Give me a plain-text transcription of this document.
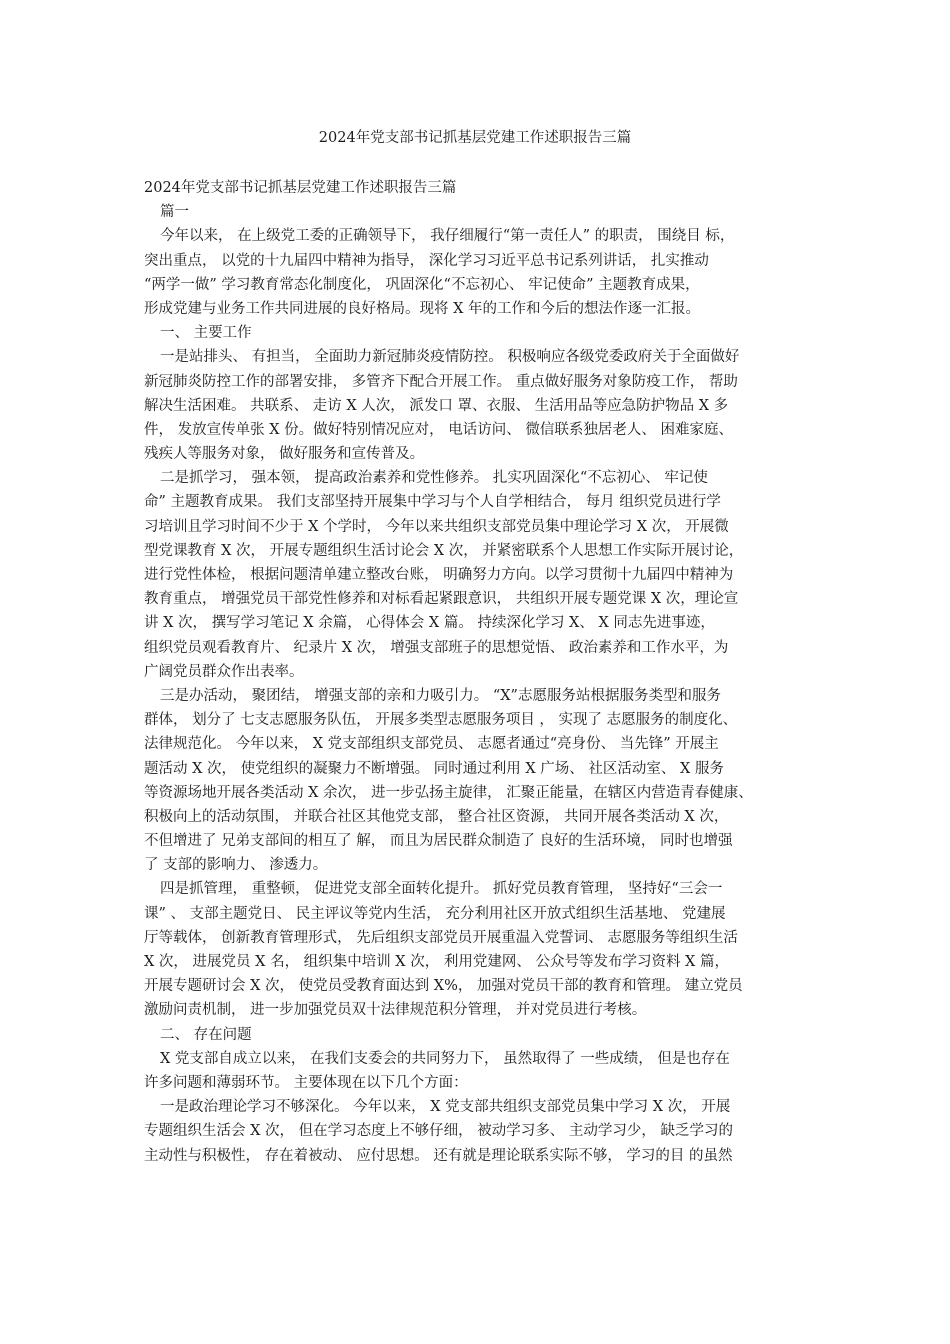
2024年党支部书记抓基层党建工作述职报告三篇
2024年党支部书记抓基层党建工作述职报告三篇
篇一
今年以来， 在上级党工委的正确领导下， 我仔细履行“第一责任人” 的职责， 围绕目 标，
突出重点， 以党的十九届四中精神为指导， 深化学习习近平总书记系列讲话， 扎实推动
“两学一做” 学习教育常态化制度化， 巩固深化“不忘初心、 牢记使命” 主题教育成果，
形成党建与业务工作共同进展的良好格局。现将 X 年的工作和今后的想法作逐一汇报。
一、 主要工作
一是站排头、 有担当， 全面助力新冠肺炎疫情防控。 积极响应各级党委政府关于全面做好
新冠肺炎防控工作的部署安排， 多管齐下配合开展工作。 重点做好服务对象防疫工作， 帮助
解决生活困难。 共联系、 走访 X 人次， 派发口 罩、衣服、 生活用品等应急防护物品 X 多
件， 发放宣传单张 X 份。做好特别情况应对， 电话访问、 微信联系独居老人、 困难家庭、
残疾人等服务对象， 做好服务和宣传普及。
二是抓学习， 强本领， 提高政治素养和党性修养。 扎实巩固深化“不忘初心、 牢记使
命” 主题教育成果。 我们支部坚持开展集中学习与个人自学相结合， 每月 组织党员进行学
习培训且学习时间不少于 X 个学时， 今年以来共组织支部党员集中理论学习 X 次， 开展微
型党课教育 X 次， 开展专题组织生活讨论会 X 次， 并紧密联系个人思想工作实际开展讨论，
进行党性体检， 根据问题清单建立整改台账， 明确努力方向。以学习贯彻十九届四中精神为
教育重点， 增强党员干部党性修养和对标看起紧跟意识， 共组织开展专题党课 X 次，理论宣
讲 X 次， 撰写学习笔记 X 余篇， 心得体会 X 篇。 持续深化学习 X、 X 同志先进事迹，
组织党员观看教育片、 纪录片 X 次， 增强支部班子的思想觉悟、 政治素养和工作水平，为
广阔党员群众作出表率。
三是办活动， 聚团结， 增强支部的亲和力吸引力。 “X”志愿服务站根据服务类型和服务
群体， 划分了 七支志愿服务队伍， 开展多类型志愿服务项目 ， 实现了 志愿服务的制度化、
法律规范化。 今年以来， X 党支部组织支部党员、 志愿者通过“亮身份、 当先锋” 开展主
题活动 X 次， 使党组织的凝聚力不断增强。 同时通过利用 X 广场、 社区活动室、 X 服务
等资源场地开展各类活动 X 余次， 进一步弘扬主旋律， 汇聚正能量，在辖区内营造青春健康、
积极向上的活动氛围， 并联合社区其他党支部， 整合社区资源， 共同开展各类活动 X 次，
不但增进了 兄弟支部间的相互了 解， 而且为居民群众制造了 良好的生活环境， 同时也增强
了 支部的影响力、 渗透力。
四是抓管理， 重整顿， 促进党支部全面转化提升。 抓好党员教育管理， 坚持好“三会一
课” 、 支部主题党日、 民主评议等党内生活， 充分利用社区开放式组织生活基地、 党建展
厅等载体， 创新教育管理形式， 先后组织支部党员开展重温入党誓词、 志愿服务等组织生活
X 次， 进展党员 X 名， 组织集中培训 X 次， 利用党建网、 公众号等发布学习资料 X 篇，
开展专题研讨会 X 次， 使党员受教育面达到 X%， 加强对党员干部的教育和管理。 建立党员
激励问责机制， 进一步加强党员双十法律规范积分管理， 并对党员进行考核。
二、 存在问题
X 党支部自成立以来， 在我们支委会的共同努力下， 虽然取得了 一些成绩， 但是也存在
许多问题和薄弱环节。 主要体现在以下几个方面：
一是政治理论学习不够深化。 今年以来， X 党支部共组织支部党员集中学习 X 次， 开展
专题组织生活会 X 次， 但在学习态度上不够仔细， 被动学习多、 主动学习少， 缺乏学习的
主动性与积极性， 存在着被动、 应付思想。 还有就是理论联系实际不够， 学习的目 的虽然
